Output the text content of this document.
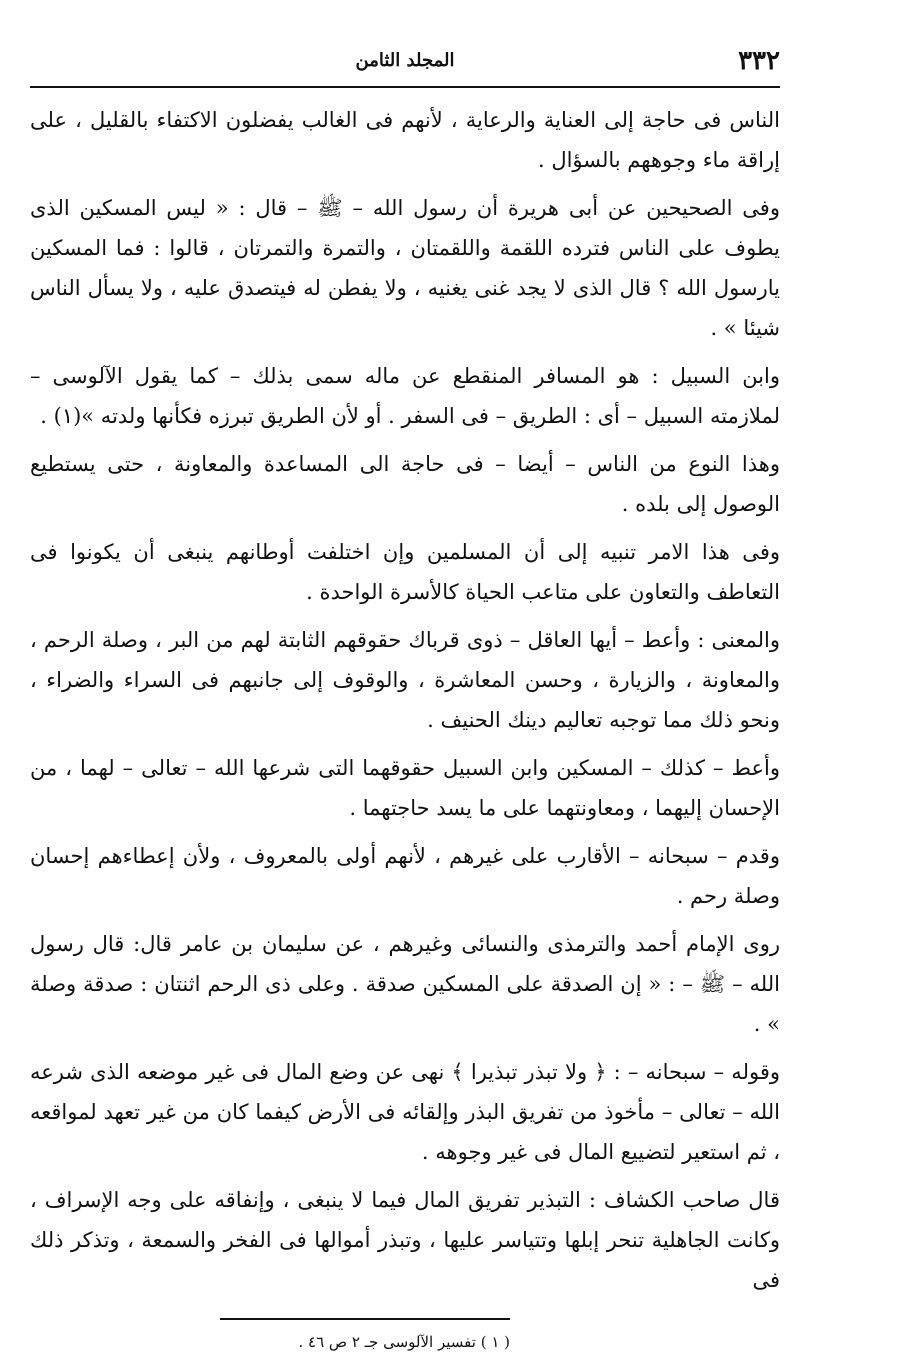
٣٣٢
المجلد الثامن

الناس فى حاجة إلى العناية والرعاية ، لأنهم فى الغالب يفضلون الاكتفاء بالقليل ، على إراقة ماء وجوههم بالسؤال .

وفى الصحيحين عن أبى هريرة أن رسول الله – ﷺ – قال : « ليس المسكين الذى يطوف على الناس فترده اللقمة واللقمتان ، والتمرة والتمرتان ، قالوا : فما المسكين يارسول الله ؟ قال الذى لا يجد غنى يغنيه ، ولا يفطن له فيتصدق عليه ، ولا يسأل الناس شيئا » .

وابن السبيل : هو المسافر المنقطع عن ماله سمى بذلك – كما يقول الآلوسى – لملازمته السبيل – أى : الطريق – فى السفر . أو لأن الطريق تبرزه فكأنها ولدته »(١) .

وهذا النوع من الناس – أيضا – فى حاجة الى المساعدة والمعاونة ، حتى يستطيع الوصول إلى بلده .

وفى هذا الامر تنبيه إلى أن المسلمين وإن اختلفت أوطانهم ينبغى أن يكونوا فى التعاطف والتعاون على متاعب الحياة كالأسرة الواحدة .

والمعنى : وأعط – أيها العاقل – ذوى قرباك حقوقهم الثابتة لهم من البر ، وصلة الرحم ، والمعاونة ، والزيارة ، وحسن المعاشرة ، والوقوف إلى جانبهم فى السراء والضراء ، ونحو ذلك مما توجبه تعاليم دينك الحنيف .

وأعط – كذلك – المسكين وابن السبيل حقوقهما التى شرعها الله – تعالى – لهما ، من الإحسان إليهما ، ومعاونتهما على ما يسد حاجتهما .

وقدم – سبحانه – الأقارب على غيرهم ، لأنهم أولى بالمعروف ، ولأن إعطاءهم إحسان وصلة رحم .

روى الإمام أحمد والترمذى والنسائى وغيرهم ، عن سليمان بن عامر قال: قال رسول الله – ﷺ – : « إن الصدقة على المسكين صدقة . وعلى ذى الرحم اثنتان : صدقة وصلة » .

وقوله – سبحانه – : ﴿ ولا تبذر تبذيرا ﴾ نهى عن وضع المال فى غير موضعه الذى شرعه الله – تعالى – مأخوذ من تفريق البذر وإلقائه فى الأرض كيفما كان من غير تعهد لمواقعه ، ثم استعير لتضييع المال فى غير وجوهه .

قال صاحب الكشاف : التبذير تفريق المال فيما لا ينبغى ، وإنفاقه على وجه الإسراف ، وكانت الجاهلية تنحر إبلها وتتياسر عليها ، وتبذر أموالها فى الفخر والسمعة ، وتذكر ذلك فى

( ١ ) تفسير الآلوسى جـ ٢ ص ٤٦ .
